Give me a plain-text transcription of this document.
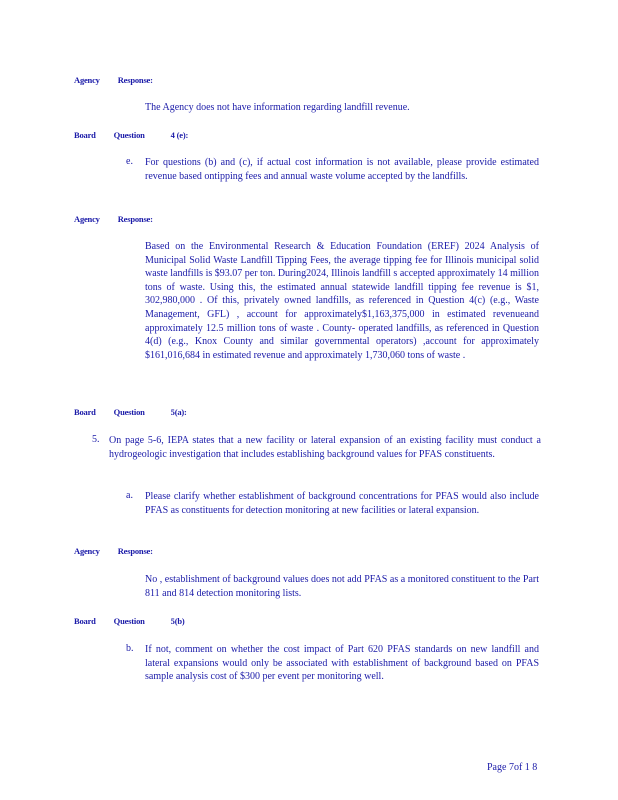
Agency Response:
The Agency does not have information regarding landfill revenue.
Board Question	4 (e):
e. For questions (b) and (c), if actual cost information is not available, please provide estimated revenue based ontipping fees and annual waste volume accepted by the landfills.
Agency Response:
Based on the Environmental Research & Education Foundation (EREF) 2024 Analysis of Municipal Solid Waste Landfill Tipping Fees, the average tipping fee for Illinois municipal solid waste landfills is $93.07 per ton. During2024, Illinois landfill s accepted approximately 14 million tons of waste. Using this, the estimated annual statewide landfill tipping fee revenue is $1, 302,980,000 . Of this, privately owned landfills, as referenced in Question 4(c) (e.g., Waste Management, GFL) , account for approximately$1,163,375,000 in estimated revenueand approximately 12.5 million tons of waste . County- operated landfills, as referenced in Question 4(d) (e.g., Knox County and similar governmental operators) ,account for approximately $161,016,684 in estimated revenue and approximately 1,730,060 tons of waste .
Board Question	5(a):
5. On page 5-6, IEPA states that a new facility or lateral expansion of an existing facility must conduct a hydrogeologic investigation that includes establishing background values for PFAS constituents.
a. Please clarify whether establishment of background concentrations for PFAS would also include PFAS as constituents for detection monitoring at new facilities or lateral expansion.
Agency Response:
No , establishment of background values does not add PFAS as a monitored constituent to the Part 811 and 814 detection monitoring lists.
Board Question	5(b)
b. If not, comment on whether the cost impact of Part 620 PFAS standards on new landfill and lateral expansions would only be associated with establishment of background based on PFAS sample analysis cost of $300 per event per monitoring well.
Page 7of 1 8
